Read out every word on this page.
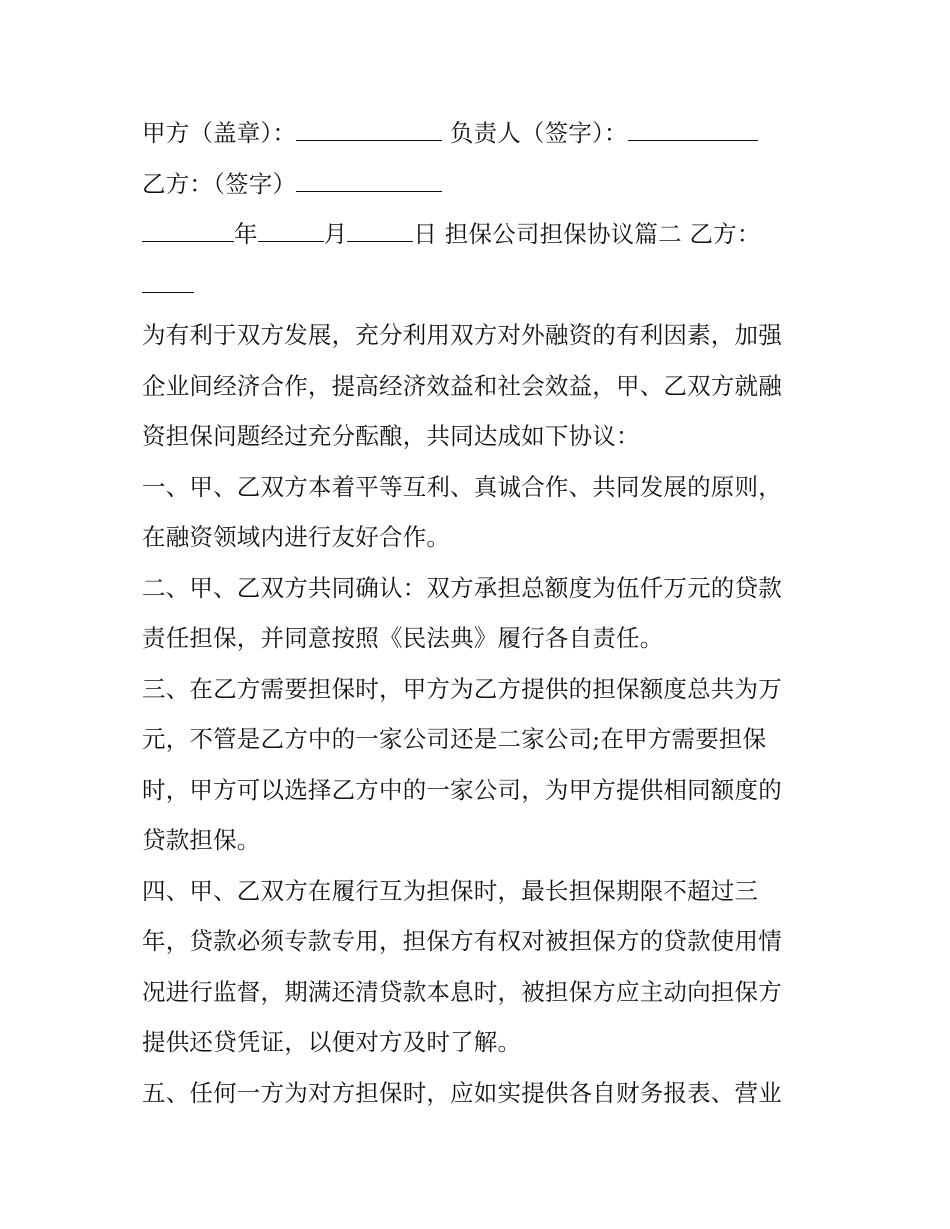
甲方（盖章）：	负责人（签字）：
乙方：（签字）
年	月	日 担保公司担保协议篇二 乙方：
为有利于双方发展，充分利用双方对外融资的有利因素，加强
企业间经济合作，提高经济效益和社会效益，甲、乙双方就融
资担保问题经过充分酝酿，共同达成如下协议：
一、甲、乙双方本着平等互利、真诚合作、共同发展的原则，
在融资领域内进行友好合作。
二、甲、乙双方共同确认：双方承担总额度为伍仟万元的贷款
责任担保，并同意按照《民法典》履行各自责任。
三、在乙方需要担保时，甲方为乙方提供的担保额度总共为万
元，不管是乙方中的一家公司还是二家公司;在甲方需要担保
时，甲方可以选择乙方中的一家公司，为甲方提供相同额度的
贷款担保。
四、甲、乙双方在履行互为担保时，最长担保期限不超过三
年，贷款必须专款专用，担保方有权对被担保方的贷款使用情
况进行监督，期满还清贷款本息时，被担保方应主动向担保方
提供还贷凭证，以便对方及时了解。
五、任何一方为对方担保时，应如实提供各自财务报表、营业
